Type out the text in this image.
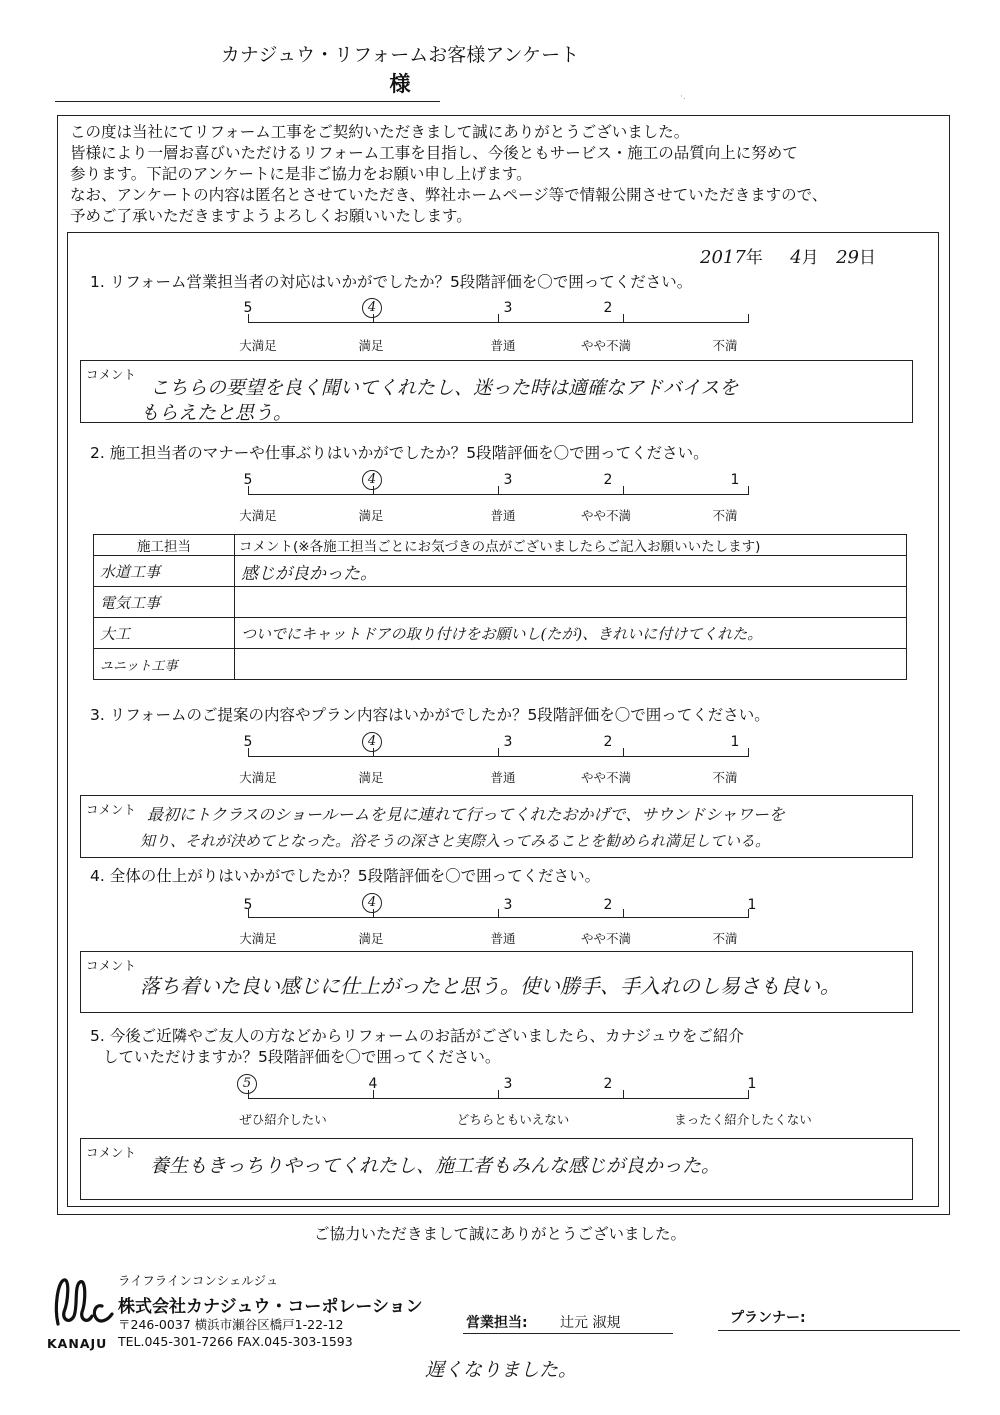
カナジュウ・リフォームお客様アンケート
様
·.
この度は当社にてリフォーム工事をご契約いただきまして誠にありがとうございました。
皆様により一層お喜びいただけるリフォーム工事を目指し、今後ともサービス・施工の品質向上に努めて
参ります。下記のアンケートに是非ご協力をお願い申し上げます。
なお、アンケートの内容は匿名とさせていただき、弊社ホームページ等で情報公開させていただきますので、
予めご了承いただきますようよろしくお願いいたします。
2017年 4月 29日
1. リフォーム営業担当者の対応はいかがでしたか？5段階評価を〇で囲ってください。
5	4	3	2
大満足	満足	普通	やや不満	不満
コメント
こちらの要望を良く聞いてくれたし、迷った時は適確なアドバイスを
もらえたと思う。
2. 施工担当者のマナーや仕事ぶりはいかがでしたか？5段階評価を〇で囲ってください。
5	4	3	2	1
大満足	満足	普通	やや不満	不満
施工担当	コメント(※各施工担当ごとにお気づきの点がございましたらご記入お願いいたします)
水道工事	感じが良かった。
電気工事	
大工	ついでにキャットドアの取り付けをお願いし(たが)、きれいに付けてくれた。
ユニット工事	
3. リフォームのご提案の内容やプラン内容はいかがでしたか？5段階評価を〇で囲ってください。
5	4	3	2	1
大満足	満足	普通	やや不満	不満
コメント 最初にトクラスのショールームを見に連れて行ってくれたおかげで、サウンドシャワーを
知り、それが決めてとなった。浴そうの深さと実際入ってみることを勧められ満足している。
4. 全体の仕上がりはいかがでしたか？5段階評価を〇で囲ってください。
5	4	3	2	1
大満足	満足	普通	やや不満	不満
コメント
落ち着いた良い感じに仕上がったと思う。使い勝手、手入れのし易さも良い。
5. 今後ご近隣やご友人の方などからリフォームのお話がございましたら、カナジュウをご紹介
していただけますか？5段階評価を〇で囲ってください。
5	4	3	2	1
ぜひ紹介したい	どちらともいえない	まったく紹介したくない
コメント
養生もきっちりやってくれたし、施工者もみんな感じが良かった。
ご協力いただきまして誠にありがとうございました。
KANAJU
ライフラインコンシェルジュ
株式会社カナジュウ・コーポレーション
〒246-0037 横浜市瀬谷区橋戸1-22-12
TEL.045-301-7266 FAX.045-303-1593
営業担当: 辻元 淑規	プランナー:
遅くなりました。
